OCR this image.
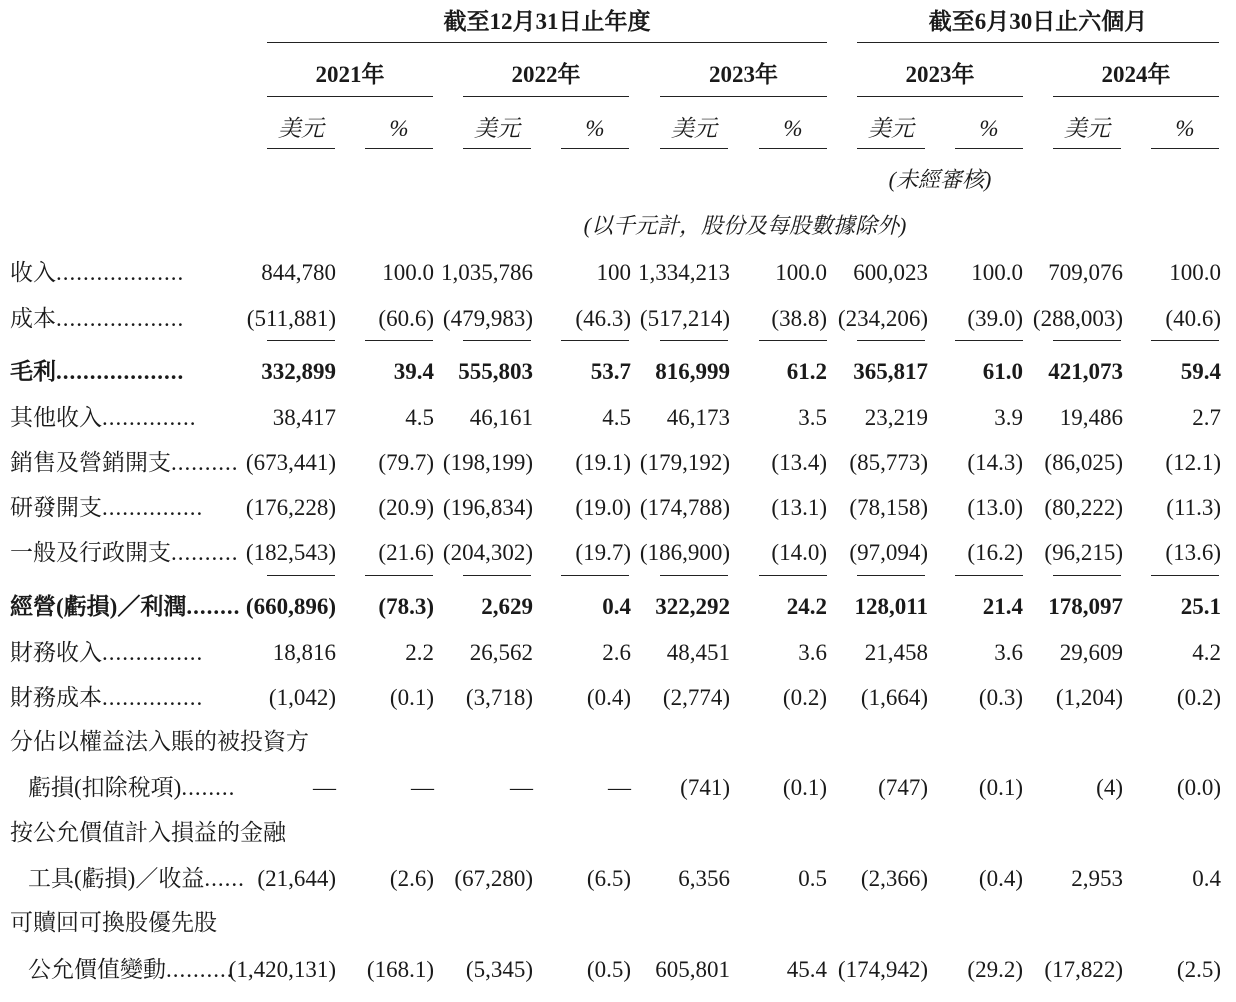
截至12月31日止年度	截至6月30日止六個月
2021年	2022年	2023年	2023年	2024年
美元	%	美元	%	美元	%	美元	%	美元	%
(未經審核)
(以千元計，股份及每股數據除外)
收入...................	844,780	100.0 1,035,786	100 1,334,213	100.0	600,023	100.0	709,076	100.0
成本...................	(511,881)	(60.6) (479,983)	(46.3) (517,214)	(38.8) (234,206)	(39.0) (288,003)	(40.6)
毛利...................	332,899	39.4	555,803	53.7	816,999	61.2	365,817	61.0	421,073	59.4
其他收入..............	38,417	4.5	46,161	4.5	46,173	3.5	23,219	3.9	19,486	2.7
銷售及營銷開支.......... (673,441)	(79.7) (198,199)	(19.1) (179,192)	(13.4) (85,773)	(14.3) (86,025)	(12.1)
研發開支...............	(176,228)	(20.9) (196,834)	(19.0) (174,788)	(13.1) (78,158)	(13.0) (80,222)	(11.3)
一般及行政開支.......... (182,543)	(21.6) (204,302)	(19.7) (186,900)	(14.0) (97,094)	(16.2) (96,215)	(13.6)
經營(虧損)／利潤........ (660,896)	(78.3)	2,629	0.4	322,292	24.2	128,011	21.4	178,097	25.1
財務收入...............	18,816	2.2	26,562	2.6	48,451	3.6	21,458	3.6	29,609	4.2
財務成本...............	(1,042)	(0.1)	(3,718)	(0.4)	(2,774)	(0.2)	(1,664)	(0.3)	(1,204)	(0.2)
分佔以權益法入賬的被投資方
虧損(扣除稅項)........	—	—	—	—	(741)	(0.1)	(747)	(0.1)	(4)	(0.0)
按公允價值計入損益的金融
工具(虧損)／收益...... (21,644)	(2.6) (67,280)	(6.5)	6,356	0.5	(2,366)	(0.4)	2,953	0.4
可贖回可換股優先股
公允價值變動..........
(1,420,131)	(168.1)	(5,345)	(0.5)	605,801	45.4 (174,942)	(29.2) (17,822)	(2.5)
